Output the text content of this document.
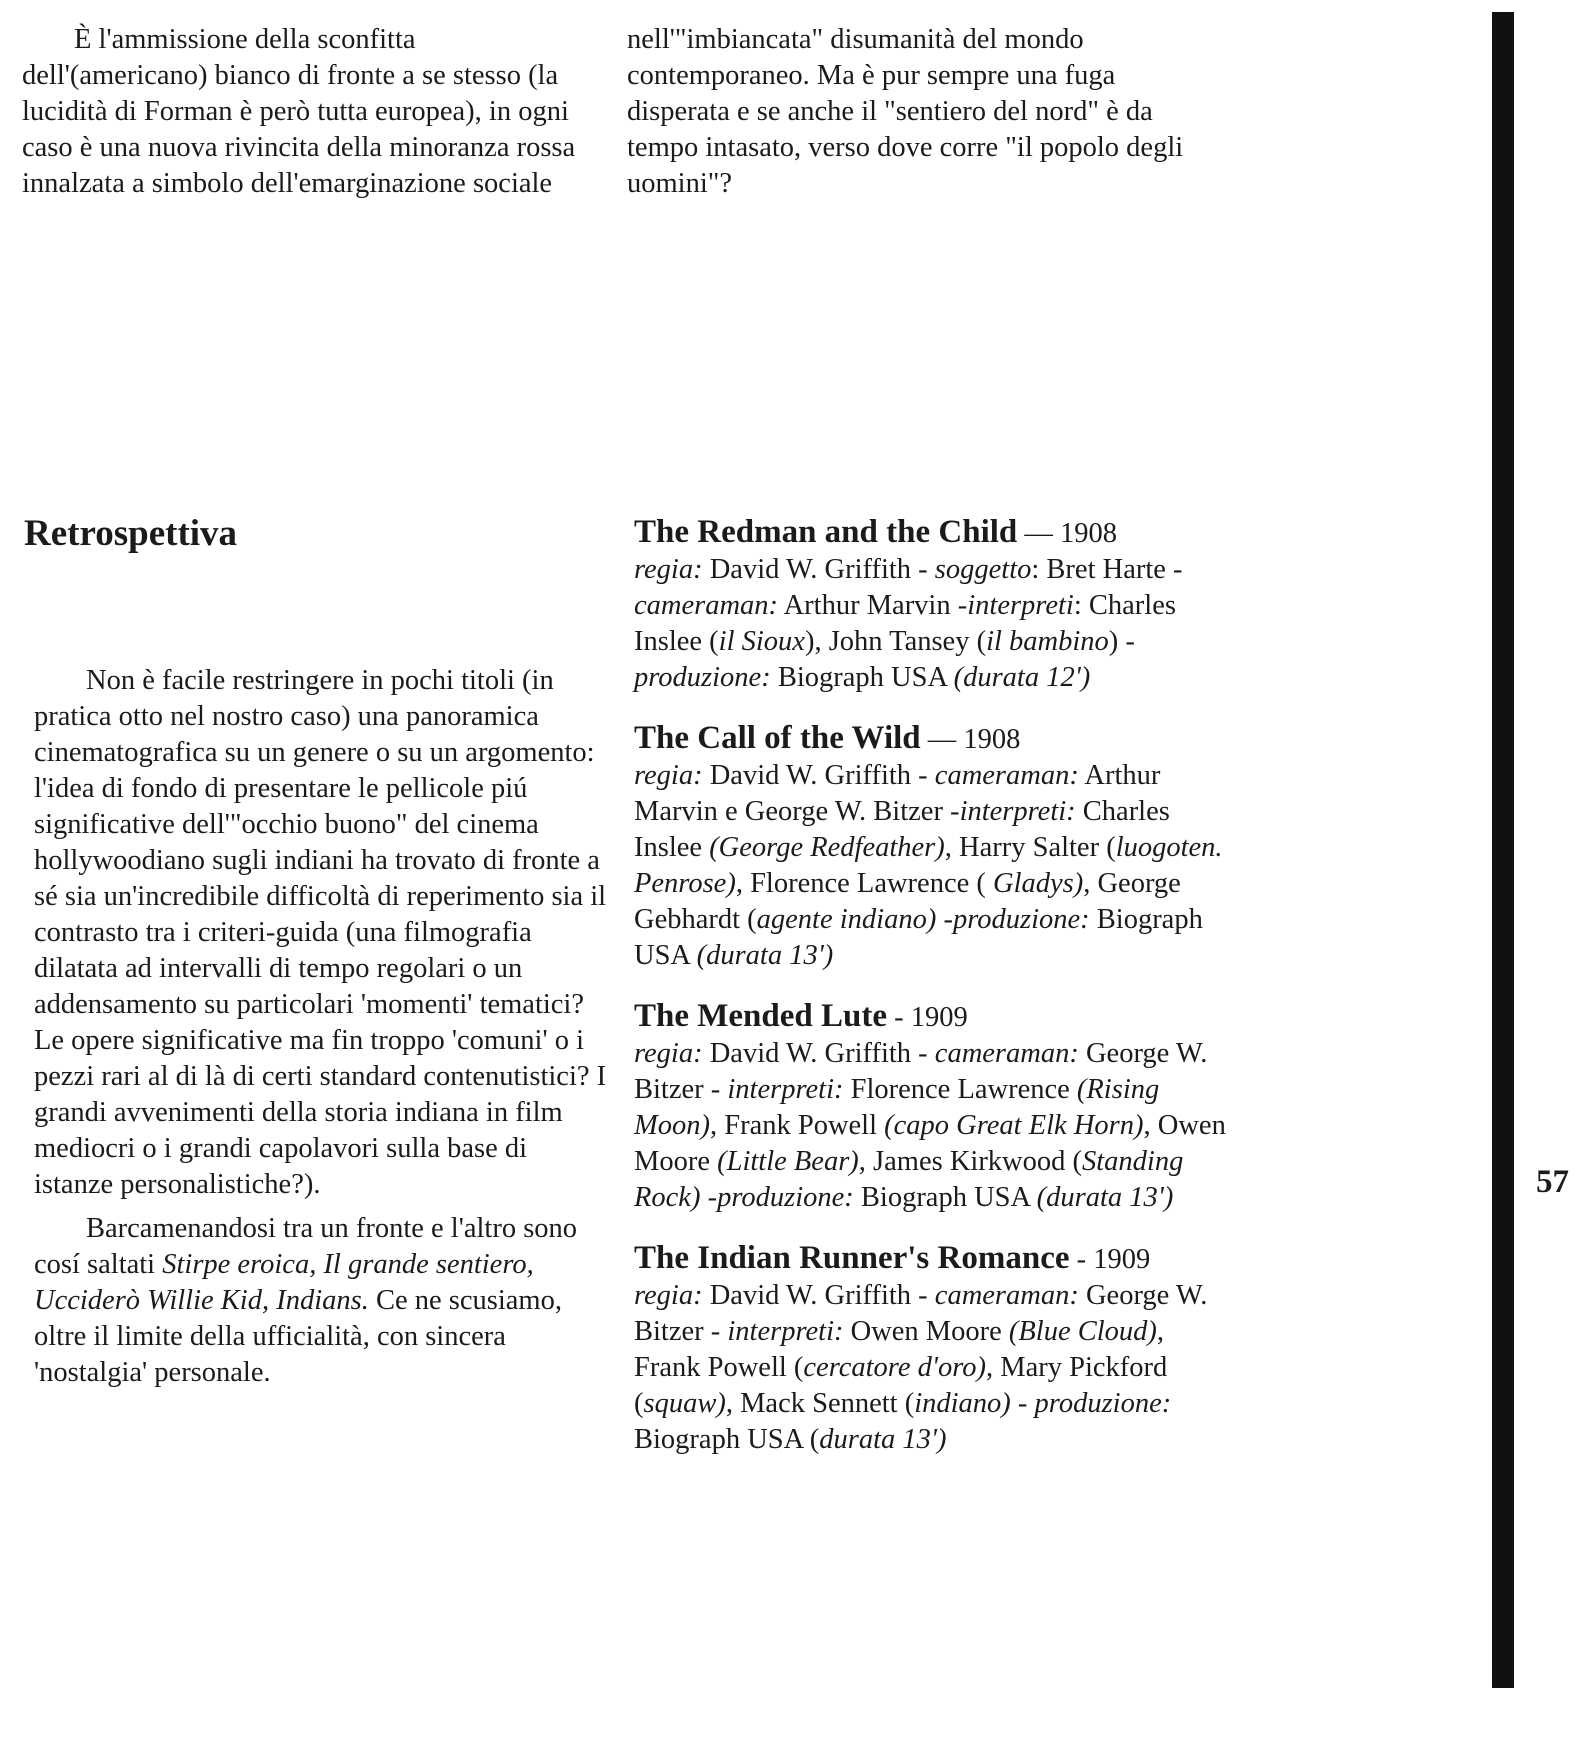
È l'ammissione della sconfitta dell'(americano) bianco di fronte a se stesso (la lucidità di Forman è però tutta europea), in ogni caso è una nuova rivincita della minoranza rossa innalzata a simbolo dell'emarginazione sociale

nell'"imbiancata" disumanità del mondo contemporaneo. Ma è pur sempre una fuga disperata e se anche il "sentiero del nord" è da tempo intasato, verso dove corre "il popolo degli uomini"?

Retrospettiva

Non è facile restringere in pochi titoli (in pratica otto nel nostro caso) una panoramica cinematografica su un genere o su un argomento: l'idea di fondo di presentare le pellicole piú significative dell'"occhio buono" del cinema hollywoodiano sugli indiani ha trovato di fronte a sé sia un'incredibile difficoltà di reperimento sia il contrasto tra i criteri-guida (una filmografia dilatata ad intervalli di tempo regolari o un addensamento su particolari 'momenti' tematici? Le opere significative ma fin troppo 'comuni' o i pezzi rari al di là di certi standard contenutistici? I grandi avvenimenti della storia indiana in film mediocri o i grandi capolavori sulla base di istanze personalistiche?).

Barcamenandosi tra un fronte e l'altro sono cosí saltati Stirpe eroica, Il grande sentiero, Ucciderò Willie Kid, Indians. Ce ne scusiamo, oltre il limite della ufficialità, con sincera 'nostalgia' personale.

The Redman and the Child — 1908
regia: David W. Griffith - soggetto: Bret Harte - cameraman: Arthur Marvin -interpreti: Charles Inslee (il Sioux), John Tansey (il bambino) - produzione: Biograph USA (durata 12')
The Call of the Wild — 1908
regia: David W. Griffith - cameraman: Arthur Marvin e George W. Bitzer -interpreti: Charles Inslee (George Redfeather), Harry Salter (luogoten. Penrose), Florence Lawrence ( Gladys), George Gebhardt (agente indiano) -produzione: Biograph USA (durata 13')
The Mended Lute - 1909
regia: David W. Griffith - cameraman: George W. Bitzer - interpreti: Florence Lawrence (Rising Moon), Frank Powell (capo Great Elk Horn), Owen Moore (Little Bear), James Kirkwood (Standing Rock) -produzione: Biograph USA (durata 13')
The Indian Runner's Romance - 1909
regia: David W. Griffith - cameraman: George W. Bitzer - interpreti: Owen Moore (Blue Cloud), Frank Powell (cercatore d'oro), Mary Pickford (squaw), Mack Sennett (indiano) - produzione: Biograph USA (durata 13')
57
